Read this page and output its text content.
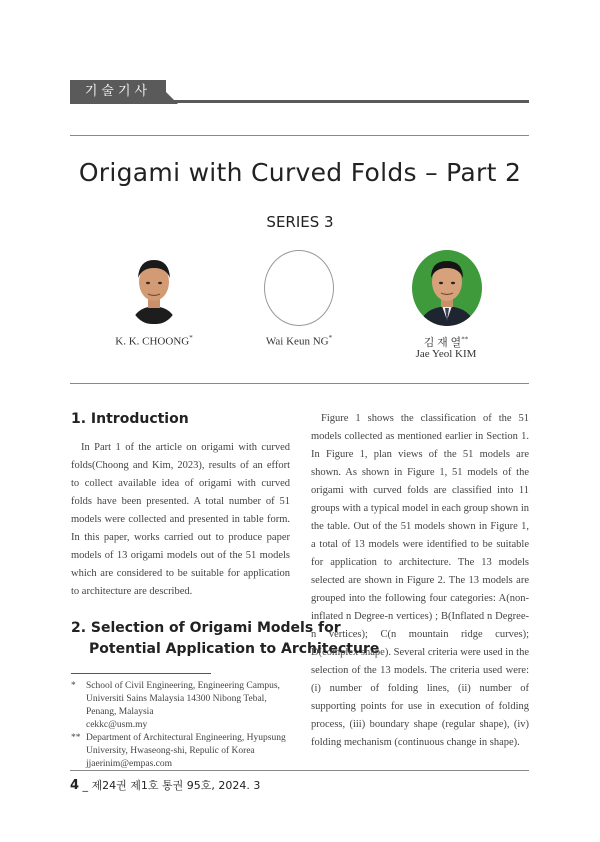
기술기사
Origami with Curved Folds – Part 2
SERIES 3
K. K. CHOONG*	Wai Keun NG*	김 재 열**
Jae Yeol KIM
1. Introduction

In Part 1 of the article on origami with curved folds(Choong and Kim, 2023), results of an effort to collect available idea of origami with curved folds have been presented. A total number of 51 models were collected and presented in table form. In this paper, works carried out to produce paper models of 13 origami models out of the 51 models which are considered to be suitable for application to architecture are described.

2. Selection of Origami Models for
Potential Application to Architecture
*	School of Civil Engineering, Engineering Campus, Universiti Sains Malaysia 14300 Nibong Tebal, Penang, Malaysia
cekkc@usm.my
** Department of Architectural Engineering, Hyupsung University, Hwaseong-shi, Repulic of Korea
jjaerinim@empas.com

Figure 1 shows the classification of the 51 models collected as mentioned earlier in Section 1. In Figure 1, plan views of the 51 models are shown. As shown in Figure 1, 51 models of the origami with curved folds are classified into 11 groups with a typical model in each group shown in the table. Out of the 51 models shown in Figure 1, a total of 13 models were identified to be suitable for application to architecture. The 13 models selected are shown in Figure 2. The 13 models are grouped into the following four categories: A(non-inflated n Degree-n vertices) ; B(Inflated n Degree-n vertices); C(n mountain ridge curves); D(complex shape). Several criteria were used in the selection of the 13 models. The criteria used were: (i) number of folding lines, (ii) number of supporting points for use in execution of folding process, (iii) boundary shape (regular shape), (iv) folding mechanism (continuous change in shape).

4 _ 제24권 제1호 통권 95호, 2024. 3
